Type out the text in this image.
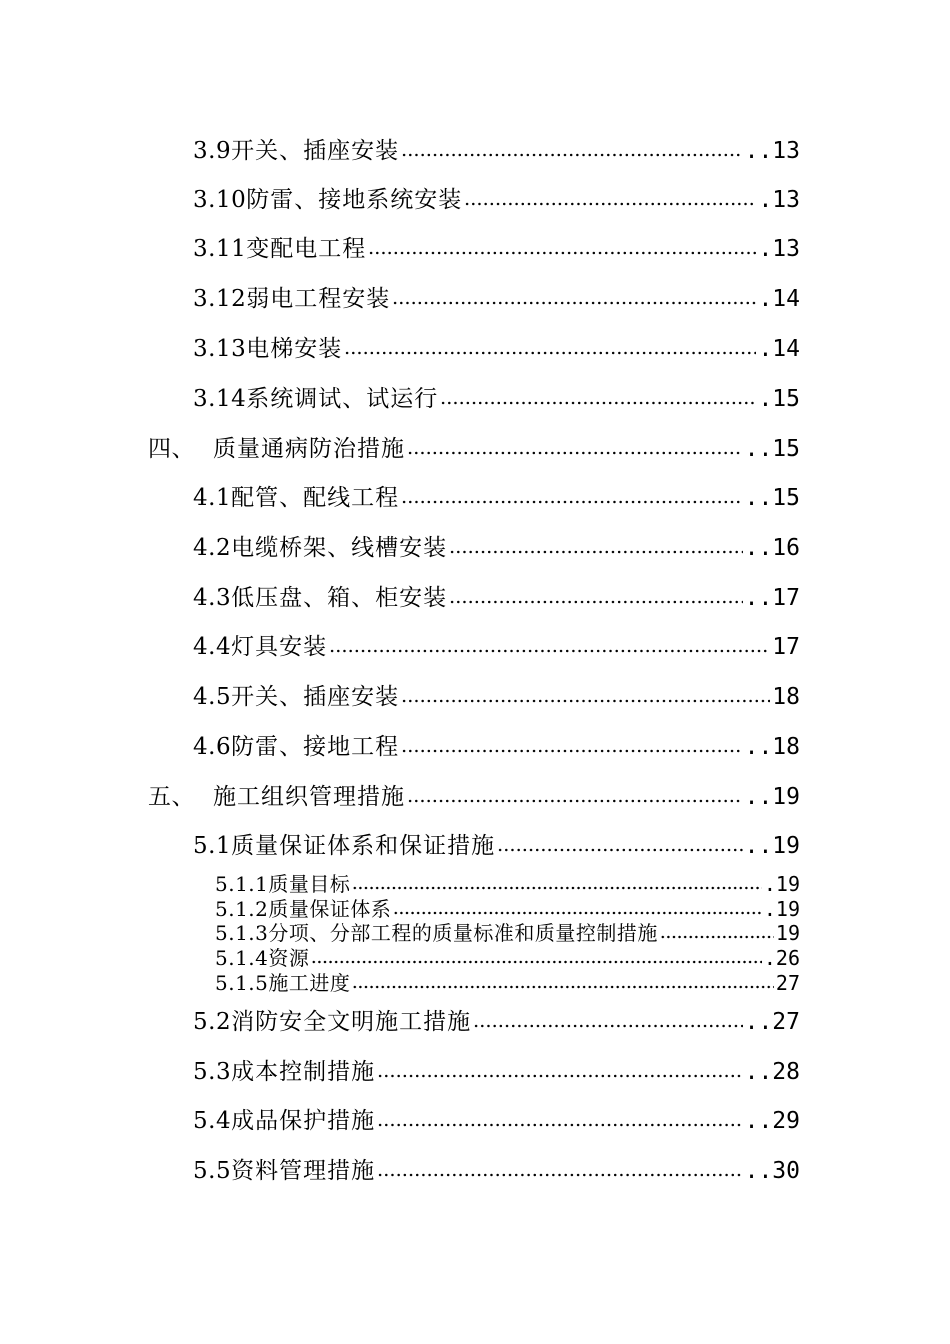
3.9 开关、插座安装	..13
3.10 防雷、接地系统安装	.13
3.11 变配电工程	.13
3.12 弱电工程安装	.14
3.13 电梯安装	.14
3.14 系统调试、试运行	.15
四、 质量通病防治措施	..15
4.1 配管、配线工程	..15
4.2 电缆桥架、线槽安装	..16
4.3 低压盘、箱、柜安装	..17
4.4 灯具安装	17
4.5 开关、插座安装	18
4.6 防雷、接地工程	..18
五、 施工组织管理措施	..19
5.1 质量保证体系和保证措施	..19
5.1.1 质量目标	.19
5.1.2 质量保证体系	.19
5.1.3 分项、分部工程的质量标准和质量控制措施	19
5.1.4 资源	.26
5.1.5 施工进度	27
5.2 消防安全文明施工措施	..27
5.3 成本控制措施	..28
5.4 成品保护措施	..29
5.5 资料管理措施	..30
